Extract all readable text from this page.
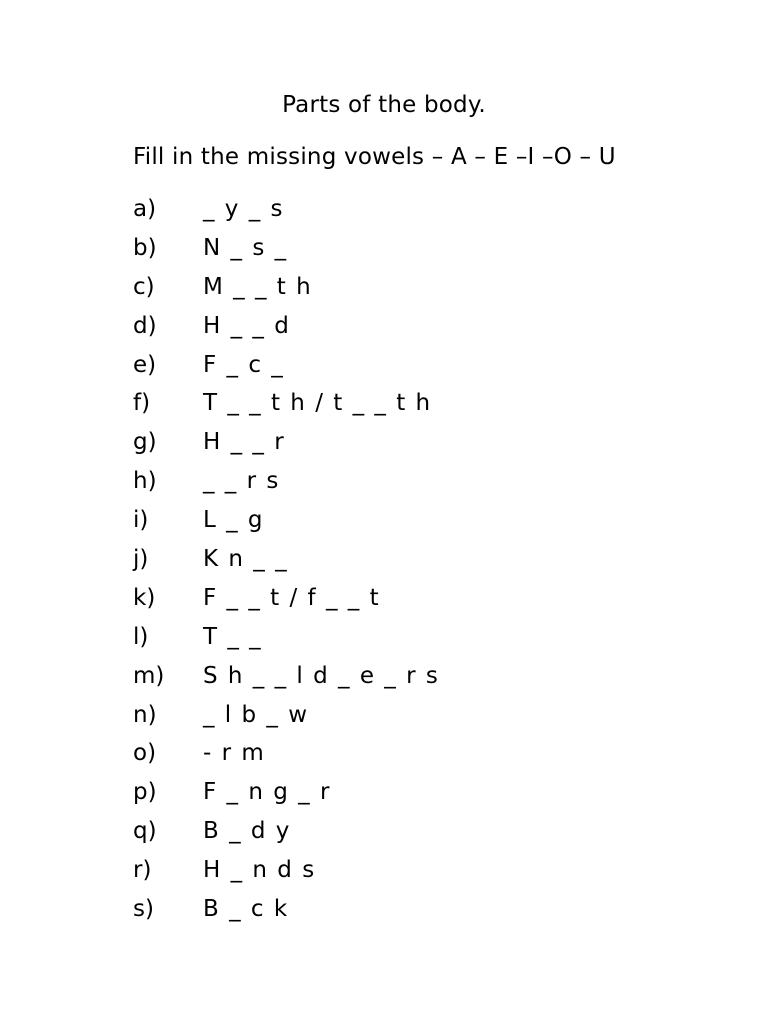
Parts of the body.
Fill in the missing vowels – A – E –I –O – U
a) _ y _ s
b) N _ s _
c) M _ _ t h
d) H _ _ d
e) F _ c _
f) T _ _ t h / t _ _ t h
g) H _ _ r
h) _ _ r s
i) L _ g
j) K n _ _
k) F _ _ t / f _ _ t
l) T _ _
m) S h _ _ l d _ e _ r s
n) _ l b _ w
o) - r m
p) F _ n g _ r
q) B _ d y
r) H _ n d s
s) B _ c k
